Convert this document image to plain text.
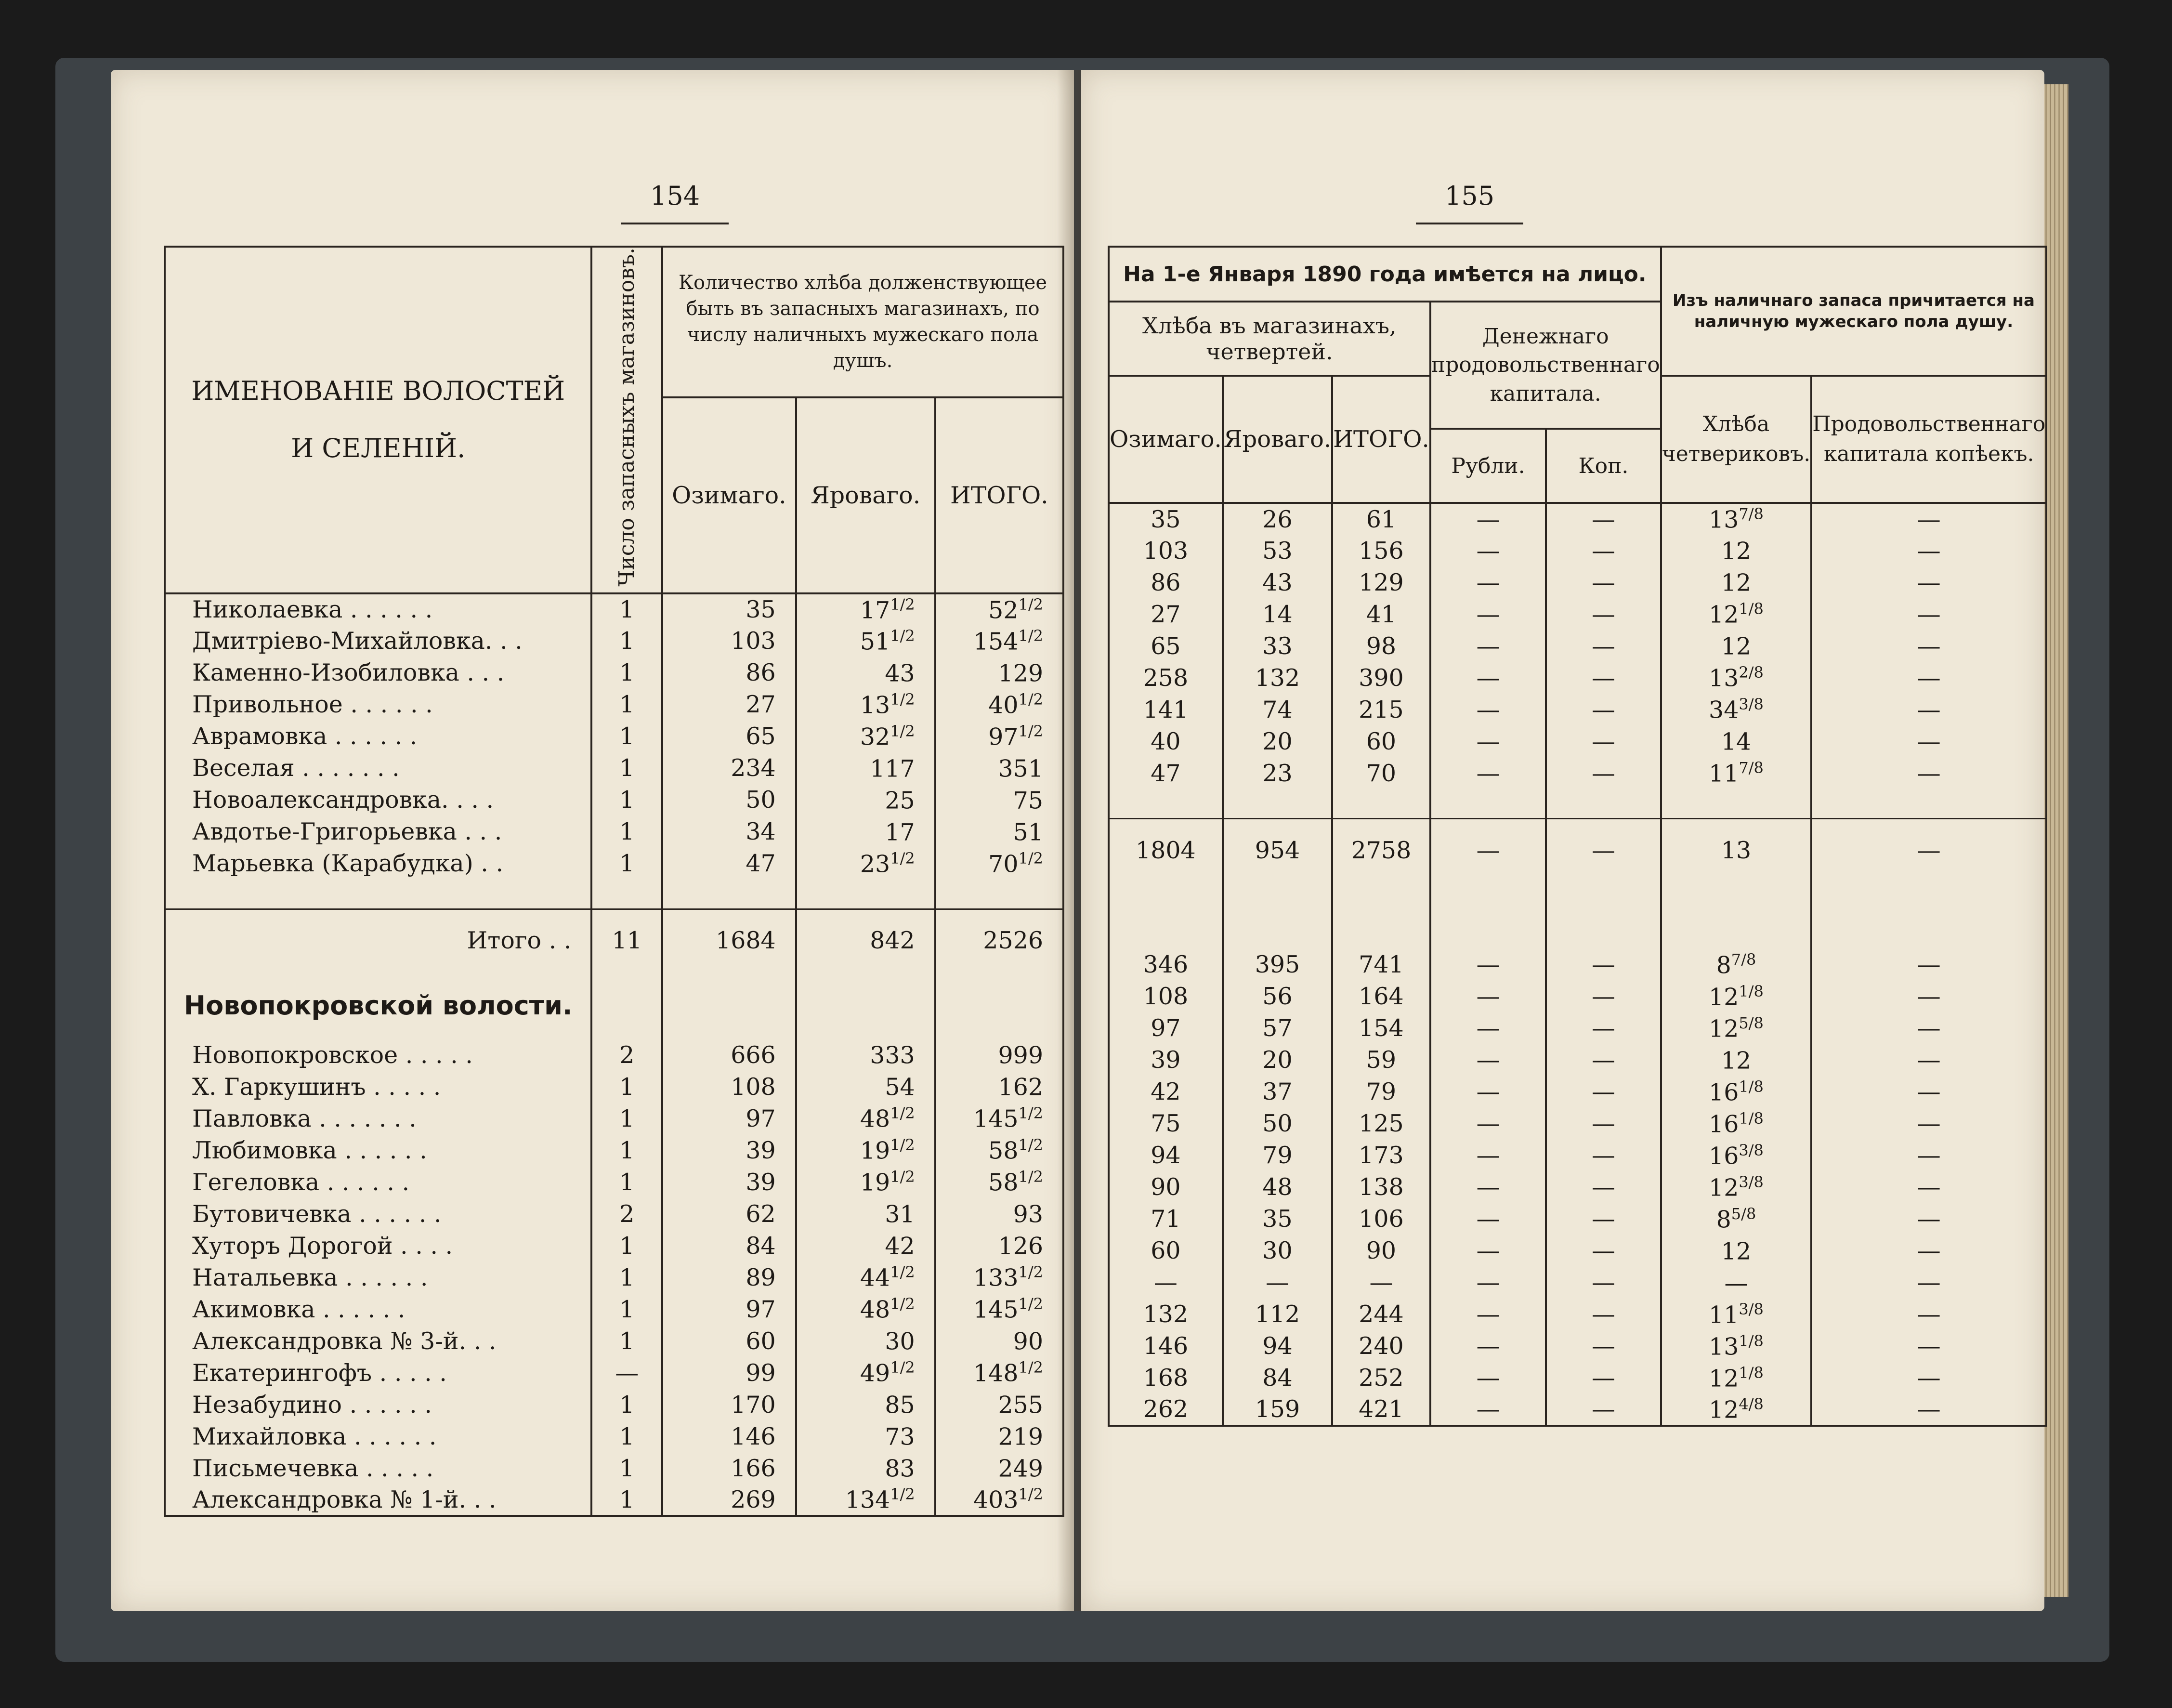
154
ИМЕНОВАНІЕ ВОЛОСТЕЙ
И СЕЛЕНІЙ.	Число запасныхъ магазиновъ.	Количество хлѣба долженствующее быть въ запасныхъ магазинахъ, по числу наличныхъ мужескаго пола душъ.		
		Озимаго.	Яроваго.	ИТОГО.
Николаевка . . . . . .	1	35	$17^{1/2}$	$52^{1/2}$
Дмитріево-Михайловка. . .	1	103	$51^{1/2}$	$154^{1/2}$
Каменно-Изобиловка . . .	1	86	43	129
Привольное . . . . . .	1	27	$13^{1/2}$	$40^{1/2}$
Аврамовка . . . . . .	1	65	$32^{1/2}$	$97^{1/2}$
Веселая . . . . . . .	1	234	117	351
Новоалександровка. . . .	1	50	25	75
Авдотье-Григорьевка . . .	1	34	17	51
Марьевка (Карабудка) . .	1	47	$23^{1/2}$	$70^{1/2}$

Итого . .	11	1684	842	2526
Новопокровской волости.				
Новопокровское . . . . .	2	666	333	999
Х. Гаркушинъ . . . . .	1	108	54	162
Павловка . . . . . . .	1	97	$48^{1/2}$	$145^{1/2}$
Любимовка . . . . . .	1	39	$19^{1/2}$	$58^{1/2}$
Гегеловка . . . . . .	1	39	$19^{1/2}$	$58^{1/2}$
Бутовичевка . . . . . .	2	62	31	93
Хуторъ Дорогой . . . .	1	84	42	126
Натальевка . . . . . .	1	89	$44^{1/2}$	$133^{1/2}$
Акимовка . . . . . .	1	97	$48^{1/2}$	$145^{1/2}$
Александровка № 3-й. . .	1	60	30	90
Екатерингофъ . . . . .	—	99	$49^{1/2}$	$148^{1/2}$
Незабудино . . . . . .	1	170	85	255
Михайловка . . . . . .	1	146	73	219
Письмечевка . . . . .	1	166	83	249
Александровка № 1-й. . .	1	269	$134^{1/2}$	$403^{1/2}$
155
На 1-е Января 1890 года имѣется на лицо.					Изъ наличнаго запаса причитается на наличную мужескаго пола душу.	
Хлѣба въ магазинахъ, четвертей.			Денежнаго продовольственнаго капитала.			
Озимаго.	Яроваго.	ИТОГО.			Хлѣба четвериковъ.	Продовольственнаго капитала копѣекъ.
			Рубли.	Коп.		
35	26	61	—	—	$13^{7/8}$	—
103	53	156	—	—	12	—
86	43	129	—	—	12	—
27	14	41	—	—	$12^{1/8}$	—
65	33	98	—	—	12	—
258	132	390	—	—	$13^{2/8}$	—
141	74	215	—	—	$34^{3/8}$	—
40	20	60	—	—	14	—
47	23	70	—	—	$11^{7/8}$	—

1804	954	2758	—	—	13	—

346	395	741	—	—	$8^{7/8}$	—
108	56	164	—	—	$12^{1/8}$	—
97	57	154	—	—	$12^{5/8}$	—
39	20	59	—	—	12	—
42	37	79	—	—	$16^{1/8}$	—
75	50	125	—	—	$16^{1/8}$	—
94	79	173	—	—	$16^{3/8}$	—
90	48	138	—	—	$12^{3/8}$	—
71	35	106	—	—	$8^{5/8}$	—
60	30	90	—	—	12	—
—	—	—	—	—	—	—
132	112	244	—	—	$11^{3/8}$	—
146	94	240	—	—	$13^{1/8}$	—
168	84	252	—	—	$12^{1/8}$	—
262	159	421	—	—	$12^{4/8}$	—
